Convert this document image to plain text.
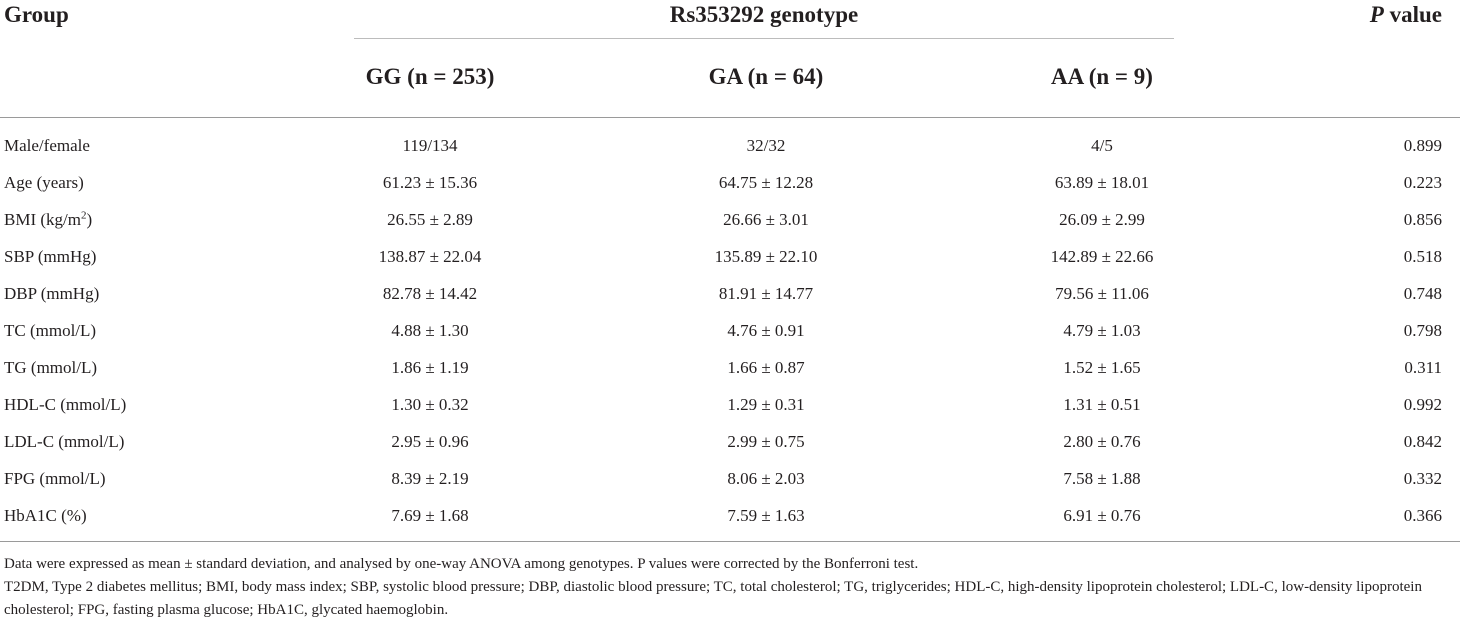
Group	Rs353292 genotype	P value
GG (n = 253)	GA (n = 64)	AA (n = 9)
Male/female	119/134	32/32	4/5	0.899
Age (years)	61.23 ± 15.36	64.75 ± 12.28	63.89 ± 18.01	0.223
BMI $(kg/m^2)$	26.55 ± 2.89	26.66 ± 3.01	26.09 ± 2.99	0.856
SBP (mmHg)	138.87 ± 22.04	135.89 ± 22.10	142.89 ± 22.66	0.518
DBP (mmHg)	82.78 ± 14.42	81.91 ± 14.77	79.56 ± 11.06	0.748
TC (mmol/L)	4.88 ± 1.30	4.76 ± 0.91	4.79 ± 1.03	0.798
TG (mmol/L)	1.86 ± 1.19	1.66 ± 0.87	1.52 ± 1.65	0.311
HDL-C (mmol/L)	1.30 ± 0.32	1.29 ± 0.31	1.31 ± 0.51	0.992
LDL-C (mmol/L)	2.95 ± 0.96	2.99 ± 0.75	2.80 ± 0.76	0.842
FPG (mmol/L)	8.39 ± 2.19	8.06 ± 2.03	7.58 ± 1.88	0.332
HbA1C (%)	7.69 ± 1.68	7.59 ± 1.63	6.91 ± 0.76	0.366
Data were expressed as mean ± standard deviation, and analysed by one-way ANOVA among genotypes. P values were corrected by the Bonferroni test.
T2DM, Type 2 diabetes mellitus; BMI, body mass index; SBP, systolic blood pressure; DBP, diastolic blood pressure; TC, total cholesterol; TG, triglycerides; HDL-C, high-density lipoprotein cholesterol; LDL-C, low-density lipoprotein cholesterol; FPG, fasting plasma glucose; HbA1C, glycated haemoglobin.
